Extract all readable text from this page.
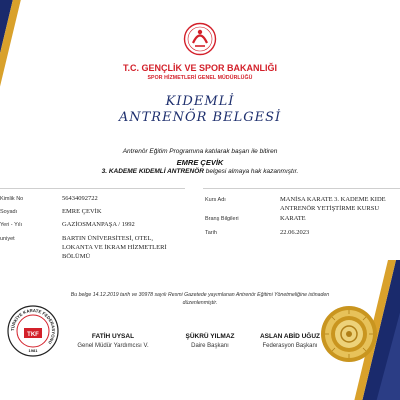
T.C. GENÇLİK VE SPOR BAKANLIĞI
SPOR HİZMETLERİ GENEL MÜDÜRLÜĞÜ
KIDEMLİ
ANTRENÖR BELGESİ
Antrenör Eğitim Programına katılarak başarı ile bitiren
EMRE ÇEVİK
3. KADEME KIDEMLİ ANTRENÖR belgesi almaya hak kazanmıştır.
Kimlik No	56434092722
Soyadı	EMRE ÇEVİK
Yeri - Yılı	GAZİOSMANPAŞA / 1992
uniyet	BARTIN ÜNİVERSİTESİ, OTEL, LOKANTA VE İKRAM HİZMETLERİ BÖLÜMÜ
Kurs Adı	MANİSA KARATE 3. KADEME KIDE ANTRENÖR YETİŞTİRME KURSU
Branş Bilgileri	KARATE
Tarih	22.06.2023
Bu belge 14.12.2019 tarih ve 30978 sayılı Resmi Gazetede yayımlanan Antrenör Eğitimi Yönetmeliğine istinaden düzenlenmiştir.
FATİH UYSAL
Genel Müdür Yardımcısı V.
ŞÜKRÜ YILMAZ
Daire Başkanı
ASLAN ABİD UĞUZ
Federasyon Başkanı
TÜRKİYE KARATE FEDERASYONU
TKF
1981
